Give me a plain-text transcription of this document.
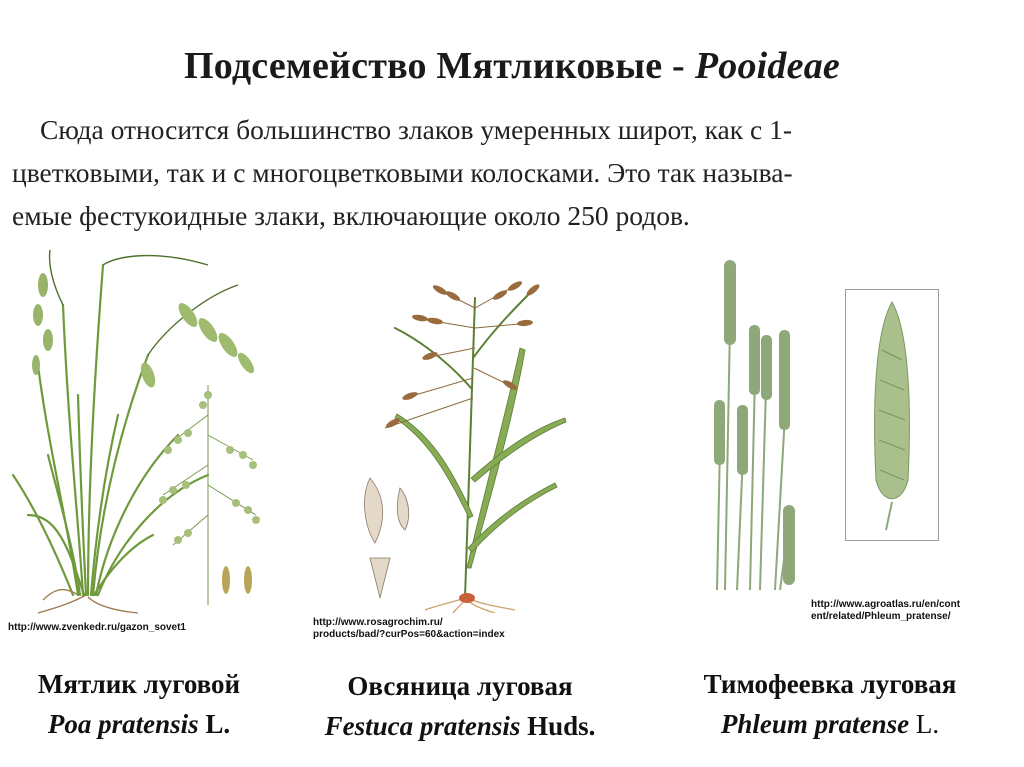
Подсемейство Мятликовые - Pooideae
Сюда относится большинство злаков умеренных широт, как с 1-
цветковыми, так и с многоцветковыми колосками. Это так называ-
емые фестукоидные злаки, включающие около 250 родов.
http://www.zvenkedr.ru/gazon_sovet1	http://www.rosagrochim.ru/
products/bad/?curPos=60&action=index
http://www.agroatlas.ru/en/cont
ent/related/Phleum_pratense/
Мятлик луговой
Poa pratensis L.
Овсяница луговая
Festuca pratensis Huds.
Тимофеевка луговая
Phleum pratense L.
